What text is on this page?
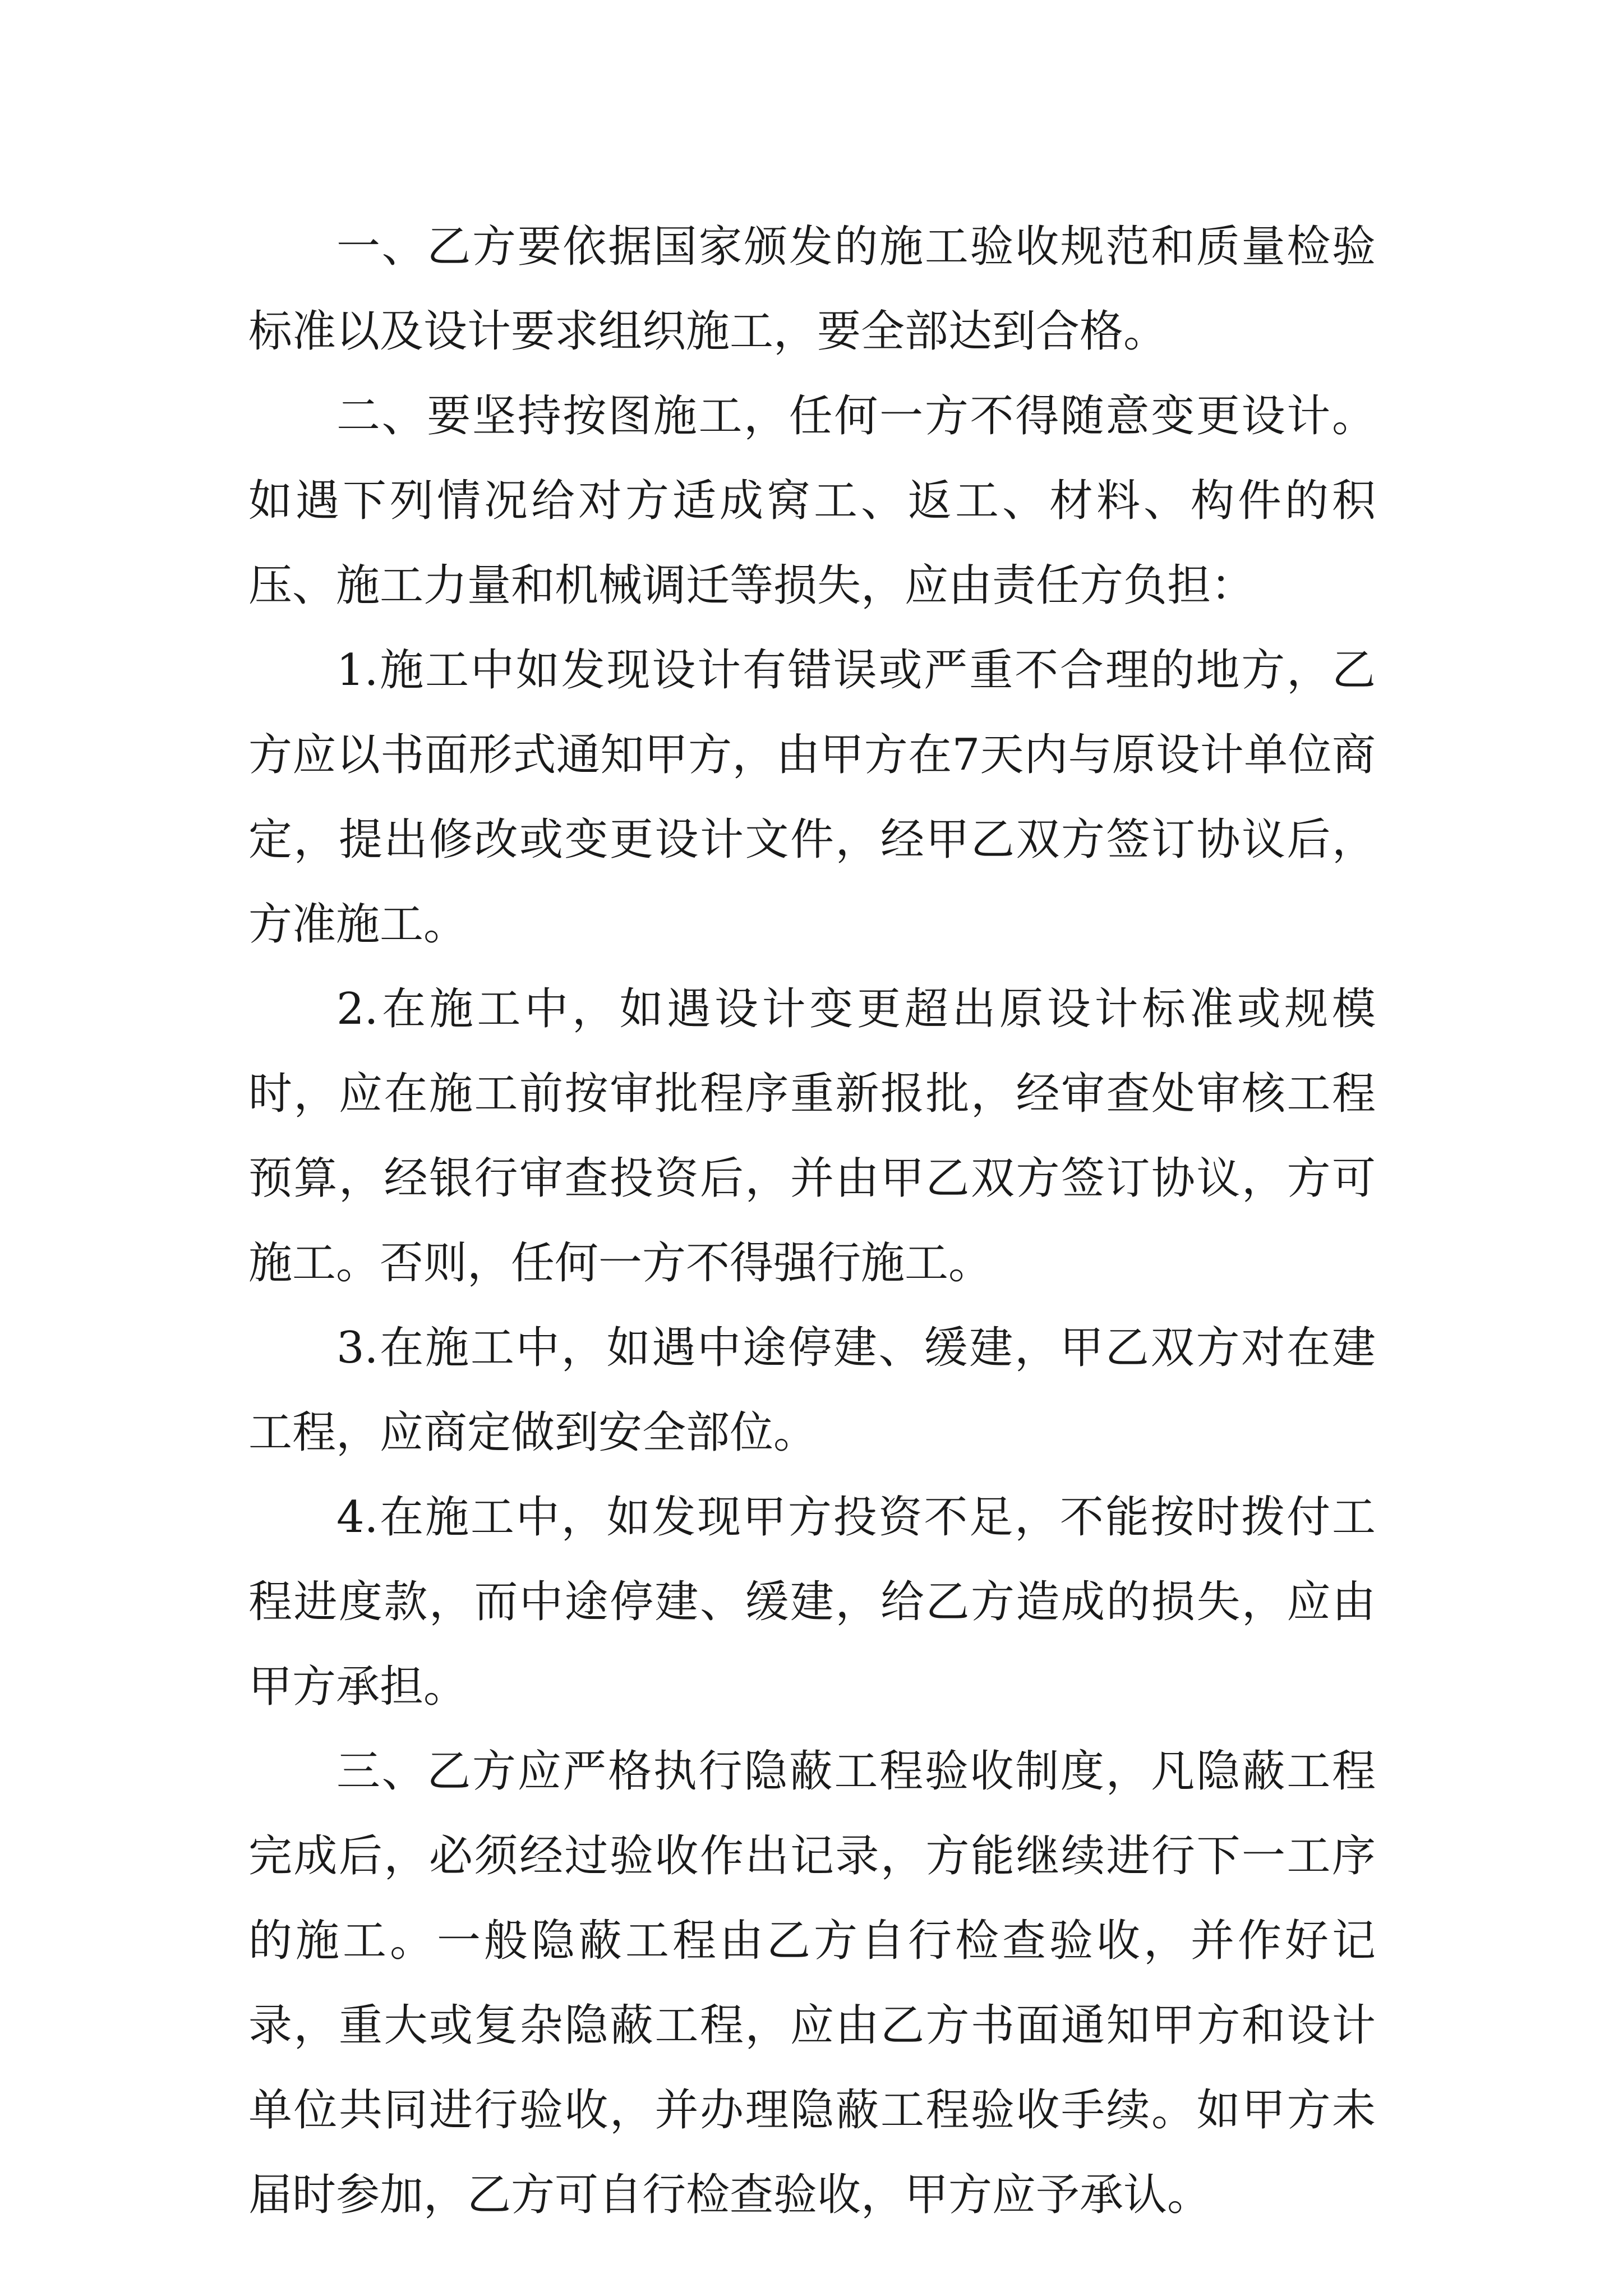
一、乙方要依据国家颁发的施工验收规范和质量检验标准以及设计要求组织施工，要全部达到合格。

二、要坚持按图施工，任何一方不得随意变更设计。如遇下列情况给对方适成窝工、返工、材料、构件的积压、施工力量和机械调迁等损失，应由责任方负担：

1.施工中如发现设计有错误或严重不合理的地方，乙方应以书面形式通知甲方，由甲方在7天内与原设计单位商定，提出修改或变更设计文件，经甲乙双方签订协议后，方准施工。

2.在施工中，如遇设计变更超出原设计标准或规模时，应在施工前按审批程序重新报批，经审查处审核工程预算，经银行审查投资后，并由甲乙双方签订协议，方可施工。否则，任何一方不得强行施工。

3.在施工中，如遇中途停建、缓建，甲乙双方对在建工程，应商定做到安全部位。

4.在施工中，如发现甲方投资不足，不能按时拨付工程进度款，而中途停建、缓建，给乙方造成的损失，应由甲方承担。

三、乙方应严格执行隐蔽工程验收制度，凡隐蔽工程完成后，必须经过验收作出记录，方能继续进行下一工序的施工。一般隐蔽工程由乙方自行检查验收，并作好记录，重大或复杂隐蔽工程，应由乙方书面通知甲方和设计单位共同进行验收，并办理隐蔽工程验收手续。如甲方未届时参加，乙方可自行检查验收，甲方应予承认。
